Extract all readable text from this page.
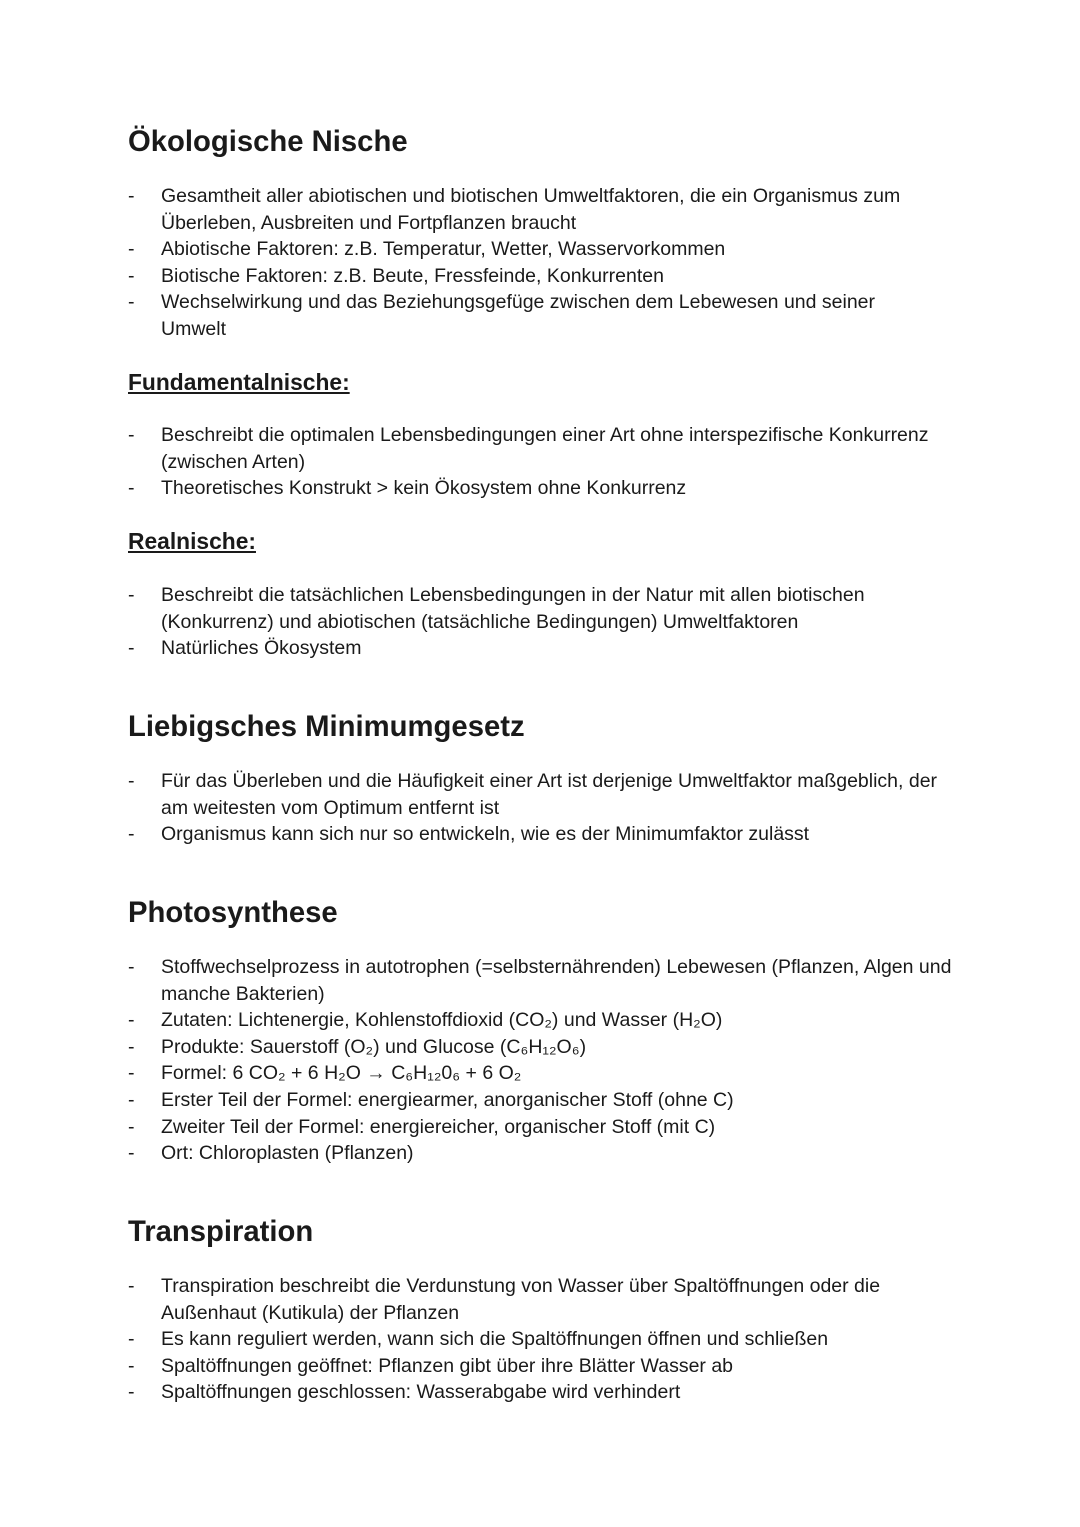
Ökologische Nische
- Gesamtheit aller abiotischen und biotischen Umweltfaktoren, die ein Organismus zum Überleben, Ausbreiten und Fortpflanzen braucht
- Abiotische Faktoren: z.B. Temperatur, Wetter, Wasservorkommen
- Biotische Faktoren: z.B. Beute, Fressfeinde, Konkurrenten
- Wechselwirkung und das Beziehungsgefüge zwischen dem Lebewesen und seiner Umwelt
Fundamentalnische:
- Beschreibt die optimalen Lebensbedingungen einer Art ohne interspezifische Konkurrenz (zwischen Arten)
- Theoretisches Konstrukt > kein Ökosystem ohne Konkurrenz
Realnische:
- Beschreibt die tatsächlichen Lebensbedingungen in der Natur mit allen biotischen (Konkurrenz) und abiotischen (tatsächliche Bedingungen) Umweltfaktoren
- Natürliches Ökosystem
Liebigsches Minimumgesetz
- Für das Überleben und die Häufigkeit einer Art ist derjenige Umweltfaktor maßgeblich, der am weitesten vom Optimum entfernt ist
- Organismus kann sich nur so entwickeln, wie es der Minimumfaktor zulässt
Photosynthese
- Stoffwechselprozess in autotrophen (=selbsternährenden) Lebewesen (Pflanzen, Algen und manche Bakterien)
- Zutaten: Lichtenergie, Kohlenstoffdioxid (CO₂) und Wasser (H₂O)
- Produkte: Sauerstoff (O₂) und Glucose (C₆H₁₂O₆)
- Formel: 6 CO₂ + 6 H₂O → C₆H₁₂0₆ + 6 O₂
- Erster Teil der Formel: energiearmer, anorganischer Stoff (ohne C)
- Zweiter Teil der Formel: energiereicher, organischer Stoff (mit C)
- Ort: Chloroplasten (Pflanzen)
Transpiration
- Transpiration beschreibt die Verdunstung von Wasser über Spaltöffnungen oder die Außenhaut (Kutikula) der Pflanzen
- Es kann reguliert werden, wann sich die Spaltöffnungen öffnen und schließen
- Spaltöffnungen geöffnet: Pflanzen gibt über ihre Blätter Wasser ab
- Spaltöffnungen geschlossen: Wasserabgabe wird verhindert
